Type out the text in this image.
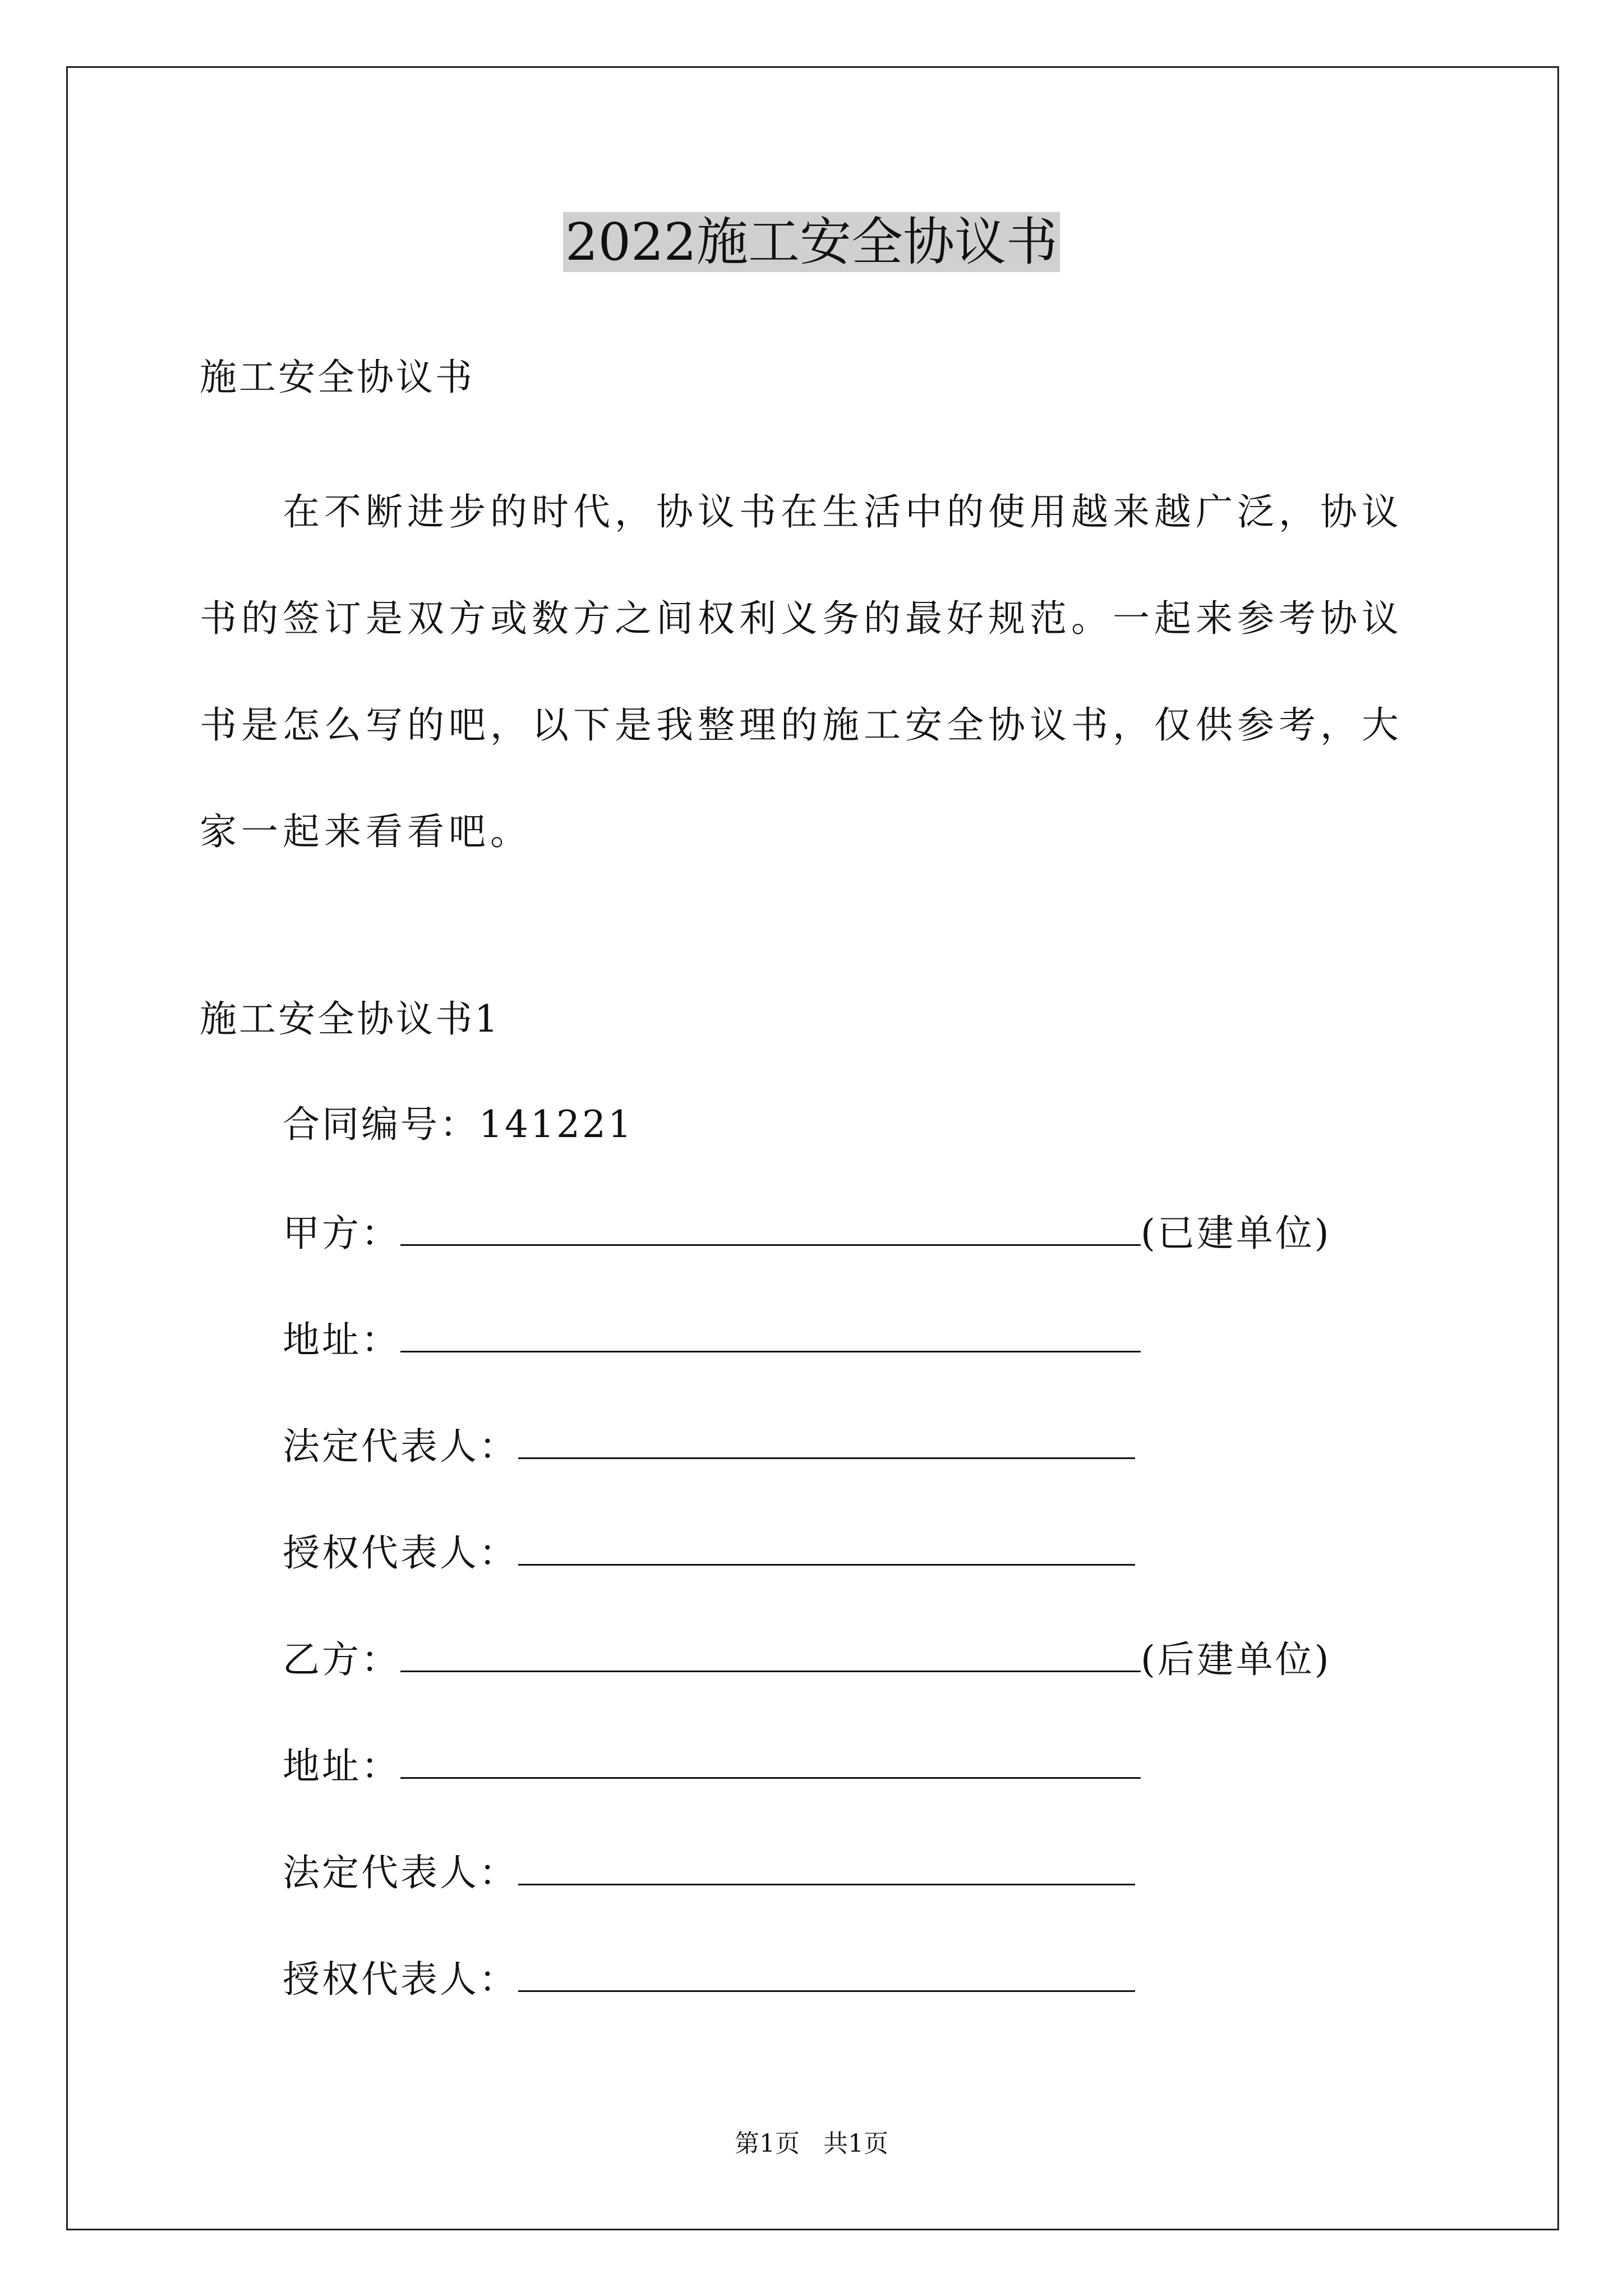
2022施工安全协议书
施工安全协议书

在不断进步的时代，协议书在生活中的使用越来越广泛，协议书的签订是双方或数方之间权利义务的最好规范。一起来参考协议书是怎么写的吧，以下是我整理的施工安全协议书，仅供参考，大家一起来看看吧。

施工安全协议书1
合同编号：141221
甲方：	(已建单位)
地址：
法定代表人：
授权代表人：
乙方：	(后建单位)
地址：
法定代表人：
授权代表人：
第1页   共1页
